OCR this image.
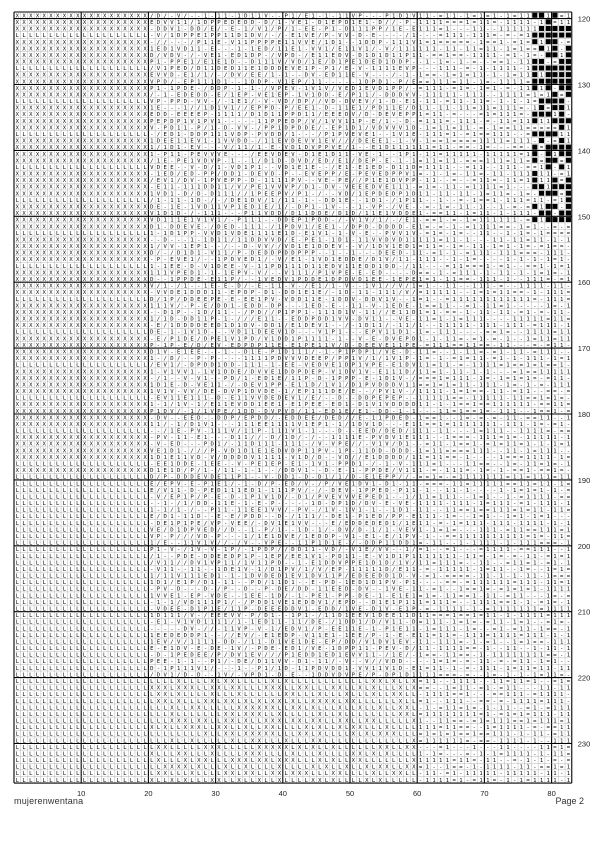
X X X X X X X X X X X X X X X X X X X X / D / - V / - - 1 - 1 1 - 1 D 1 1 V - - P 1 / E 1 - 1 - 1 1 V P - - - P 1 D 1 V 1 1 - = 1 1 - 1 = 1 = 1 - 1 = 1 1	1 = 1
X X X X X X X X X X X X X X X X X X X X E D V V 1 1 / 1 D P P E D E D D - D / 1 - V E 1 - D 1 E P D 1 E 1 - D / / - P - 1 1 1 1 = = = 1 = 1 1 = - 1 1 1 1 - 1 = 1 1
X X X X X X X X X X X X X X X X X X X X - D D V 1 - D D / E / - E - 1 / V 1 / P / 1 - E E - P 1 - D 1 1 1 P P / 1 E - E 1 1 1 = 1 - - - 1 1 - - 1 1 1 1 1 1
L L L L L L L L L L L L L L L L L L L L - V / 1 D P P E 1 P P 1 1 D 1 D V / - / - E 1 V E / P - V V - D - E - - - - / 1 - - - = 1 1 1 - 1 1 1 = - = - = 1
X X X X X X X X X X X X X X X X X X X X - / / - - - / P 1 1 E - V 1 1 P P P P E 1 1 V V E / 1 D 1 - - 1 D D P - 1 1 1 V 1 = 1 = = = = = - 1 = = 1 - = 1 = 1	- =
X X X X X X X X X X X X X X X X X X X X 1 E D 1 V D 1 1 - E - - - 1 - 1 E D / 1 1 E 1 - V V 1 / E 1 1 V 1 / - V / 1 1 1 1 1 1 - 1 1 - 1 1 = 1 1 - 1 = 1 = = 1 -
X X X X X X X X X X X X X X X X X X X X D / V D V - / - V E 1 - E D 1 D P - / V P D - / E 1 1 E D V - D 1 D 1 D 1 1 P 1 1 - = = 1 = = - 1 1 1 1 - = 1 - 1 = -	1
X X X X X X X X X X X X X X X X X X X X P 1 - P P E 1 / E 1 E 1 D - - D 1 1 1 V / V D / 1 E / D 1 P E 1 D E D 1 D D P - - 1 - 1 = - 1 - = - - = = 1 - 1 1	- =
L L L L L L L L L L L L L L L L L L L L / V 1 P E D / D 1 1 D E D 1 1 E 1 D D D E V E 1 P - P 1 / E - V - 1 1 1 1 E V P - - - 1 1 1 - = - 1 - 1 1 1 1 - 1
X X X X X X X X X X X X X X X X X X X X E V V D - E 1 / 1 / - / D V / E E / 1 - 1 - - D V - E D 1 1 E - V - - - / - 1 - 1 = = - 1 = 1 = 1 1 - 1 - 1 = 1 1 1
X X X X X X X X X X X X X X X X X X X X V P D / - E P 1 1 1 D 1 - - 1 D D P - V 1 E P / 1 1 - - - - - 1 D P D 1 - P / E = = 1 1 1 = 1 1 - 1 = - 1 1 1 1 =
X X X X X X X X X X X X X X X X X X X X P 1 - 1 P D E - / D D P - 1 - 1 - / V P E V - 1 V 1 V / V E D 1 E V D 1 P P / - = 1 1 1 - = 1 = - 1 = 1 - = - 1 1 1 -
X X X X X X X X X X X X X X X X X X X X / - 1 - E D E D D - E / 1 E P - V E 1 E P - 1 V 1 D D - E / P 1 1 / - D D D V V - 1 1 1 1 1 - 1 1 1 - - 1 1 1 1 = 1 = 1 =
L L L L L L L L L L L L L L L L L L L L V P - P P D - V V - / - 1 E 1 / - V - V D / D P / / V D - D V E V / 1 - D - E 1 - 1 1 - = 1 1 - 1 1 = - 1 - 1 - 1 =	-
X X X X X X X X X X X X X X X X X X X X 1 E - - - 1 / / 1 D 1 V 1 / / E P P D - P / E E 1 - D - 1 1 E 1 / P D 1 1 E / D 1 1 - 1 1 - 1 1 = 1 1 = 1 1 1 = - 1 =	1
X X X X X X X X X X X X X X X X X X X X E D D - E E E E P - 1 1 1 1 / D 1 D 1 1 P P D 1 1 / E E E D V / D - D E V E P P 1 = 1 1 - = - - - = 1 = 1 1 1 = -	1 -
X X X X X X X X X X X X X X X X X X X X P E P D P 1 V 1 P V 1 - - - - - 1 1 P P E D P / V / 1 V V 1 1 P - E / 1 - - D - = 1 1 1 = - 1 1 1 - = - 1 1 = 1 1 1 1
X X X X X X X X X X X X X X X X X X X X V - P D 1 1 - P / 1 - D - V V - / P P 1 D P D D E / - E P 1 D 1 / V D V V V 1 D - 1 = 1 1 = 1 1 - = - 1 = = 1 1 = = = = = 1
L L L L L L L L L L L L L L L L L L L L - / E D 1 - D D P 1 1 1 V D P - P V D D / 1 - - - / P 1 P V E V E 1 - - 1 V 1 E - 1 1 1 = 1 - = 1 = = 1 1 1 - - =	1 1
X X X X X X X X X X X X X X X X X X X X 1 D E E 1 1 E V 1 - 1 V V D D - / 1 1 E V D E V V 1 E V / / / D E E E 1 - 1 - V - 1 = = 1 = = = = 1 1 1 1 = 1 1 1 - - = 1
X X X X X X X X X X X X X X X X X X X X 1 / 1 D 1 - E V - - - V / 1 1 / 1 - E - V D 1 D V P P V E / 1 - - E 1 D 1 1 1 1 1 1 = 1 1 - = = - 1 = - - - = = - =
X X X X X X X X X X X X X X X X X X X X 1 - P 1 1 - P E V V V E - - - / E E V D E V - D 1 E 1 D 1 1 - V E - 1 - - 1 P 1 - 1 1 = 1 1 1 1 1 - 1 1 1 1 1 = 1 - 1
X X X X X X X X X X X X X X X X X X X X / 1 E - P E 1 V D V P - 1 - - 1 / D 1 D - D V D / E D / E 1 / D E P - E - 1 - 1 = 1 1 = 1 1 - = = = 1 1 1 = 1 1 = =	=
L L L L L L L L L L L L L L L L L L L L V D E E - - V - D / 1 - V D 1 P 1 - - V D 1 E 1 E - - / E 1 - E 1 E D - D 1 1 D = 1 1 1 1 - - = 1 1 - - 1 1 1 - = = 1 - 1
X X X X X X X X X X X X X X X X X X X X - 1 E D / E D - P P / D D 1 - D E V D - P - - E V E P P / E - P E V E D P P V 1 = - 1 - 1 = - 1 1 = - 1 1 - 1 1 1 1 1 - = 1
X X X X X X X X X X X X X X X X X X X X / E V 1 / D V - 1 P V E P P - D - 1 1 1 1 P V - - V E - P E / / P 1 E 1 D V P P - 1 1 - - = - - = 1 1 = - 1 1 = 1 1 1 =
X X X X X X X X X X X X X X X X X X X X - E 1 1 - 1 1 1 D D 1 1 / V / P E 1 V V V P / D 1 - D V - V E E E D V E 1 1 1 - = 1 = - 1 1 - = 1 1 1 1 = 1 - - -	1
X X X X X X X X X X X X X X X X X X X X 1 V D 1 - D / D - D 1 1 1 / / 1 P E E P V / P 1 - / - - V D / 1 E P D E D P 1 D 1 1 - 1 1 - 1 1 - 1 = 1 1 = - 1 = -	=
L L L L L L L L L L L L L L L L L L L L / 1 - 1 1 - 1 D - / - / D E 1 D V / 1 / 1 1 - 1 - - D D 1 E - - 1 D 1 - / 1 P 1 1 - - 1 - - = - 1 = = 1 - 1 1 1 = 1 1 - = 1
X X X X X X X X X X X X X X X X X X X X D E - 1 E - 1 V D 1 1 V P 1 E D 1 E / 1 / - D P 1 - 1 V - - - 1 - V P - / V E - - = - 1 = - 1 1 - 1 - - 1 - = - = 1	-
X X X X X X X X X X X X X X X X X X X X V 1 D 1 D - / - 1 1 1 - - - P 1 1 V D D / D 1 1 D D E / D 1 D / 1 1 E 1 V D D E 1 - = = 1 1 - 1 = 1 1 - 1 - 1 1 1 -	-
X X X X X X X X X X X X X X X X X X X X V D 1 1 1 E 1 V 1 V 1 / - P 1 1 1 - - D D E P 1 P D D - / - V 1 V / 1 / - / E 1 - = = 1 - = - 1 = 1 1 1 1 1 1 - = 1
X X X X X X X X X X X X X X X X X X X X D 1 - D D E V E - / D E D - 1 1 1 - / 1 P D V 1 / E E 1 - / D P D - D D D D - E 1 = - = - 1 - = 1 1 1 1 = = - 1 = 1 - - = - =
L L L L L L L L L L L L L L L L L L L L 1 - 1 D 1 P P - V V D 1 V D E 1 1 1 1 E 1 D - E 1 V 1 - 1 - V - E - - P V V 1 V - = 1 = - 1 = - - 1 1 - - 1 - 1 = - 1 = = = =
X X X X X X X X X X X X X X X X X X X X - - D - - - 1 - 1 D 1 1 / 1 1 D D V V D / E - P E 1 - 1 D 1 - 1 1 V V D V D 1 1 1 1 1 = 1 1 - 1 - - - 1 1 - 1 1 = 1 1 - 1 - 1
X X X X X X X X X X X X X X X X X X X X 1 / V V - 1 E P 1 - - / - - D - V V / / V D 1 E 1 D D E V - - V / 1 D V 1 E D 1 = 1 1 = - 1 = - 1 1 - 1 = 1 - 1 = - = 1 = = -
X X X X X X X X X X X X X X X X X X X X D / - / D 1 D 1 - V 1 1 / P - D E D D P D D P P P - - 1 - - 1 - - - D E E D - 1 1 - = 1 - 1 - = 1 1 1 - 1 1 1 = = = - 1 1 1 -
X X X X X X X X X X X X X X X X X X X X - P - E V E 1 / - - 1 P D V E D 1 / - V / E 1 - 1 V D 1 E D D E / D 1 V / 1 1 - 1 1 1 - - 1 - 1 = - - - - 1 - 1 - 1 - 1 = 1 -
L L L L L L L L L L L L L L L L L L L L 1 - 1 E E - D - V 1 D E E - V - 1 1 P D 1 1 1 D 1 1 E D V 1 1 E D D 1 D D - / 1 1 - - - = 1 1 = = = 1 - = 1 - - = = 1 - 1 = 1
X X X X X X X X X X X X X X X X X X X X 1 1 1 V P E D 1 - 1 - 1 E P V - V / - - V 1 1 1 / P 1 V P E - E - E D - - - - D = = - 1 - = 1 1 1 - 1 - 1 1 - 1 - 1 = 1 = - 1
X X X X X X X X X X X X X X X X X X X X D - - 1 P P D E - E 1 1 P / - - 1 V E D V 1 P D D E 1 D P D V D 1 E E - 1 E P E 1 = 1 - 1 1 = = - 1 1 1 - 1 - - 1 1 1 = - = 1
X X X X X X X X X X X X X X X X X X X X V / 1 - / 1 - - 1 E - E - D / - E - 1 1 - V - / E 1 / 1 - V - - 1 V 1 / / V / 1 = 1 - - 1 1 - - 1 1 1 - = - - 1 1 1 1 - 1 1 -
X X X X X X X X X X X X X X X X X X X X - V V D E 1 D D D 1 1 - E P D P - D 1 - D D 1 E 1 E / - 1 D - 1 1 - 1 1 1 / V / = 1 1 1 1 1 - - 1 = 1 = 1 1 = = - 1 - 1 1 1 =
L L L L L L L L L L L L L L L L L L L L D / 1 P / D D E E P E - E - E E 1 P V - V D D 1 1 E - 1 D D V - D D V 1 V - - 1 = 1 - - = 1 1 1 1 1 1 1 1 1 1 1 1 = - 1 1 1 =
X X X X X X X X X X X X X X X X X X X X 1 1 1 V / - P - E / D D 1 - E D D - D P - - - 1 E D - E - - 1 1 - V - 1 E D E - 1 = = 1 1 - - = 1 - 1 1 = 1 - - - - - 1 = - 1
X X X X X X X X X X X X X X X X X X X X - - D 1 P - - 1 D / 1 1 - - / P D / / P 1 P P 1 - 1 1 1 D 1 V - 1 1 / / E 1 1 D 1 = 1 - = = - 1 - 1 1 - 1 1 - = 1 - = - 1 1 -
X X X X X X X X X X X X X X X X X X X X 1 / 1 D - D D 1 1 P - 1 - / / / E 1 1 - - E D D P D D 1 V V - D V 1 1 - - V E - 1 1 = 1 - 1 = 1 1 1 - - - - 1 1 1 1 1 = 1 1 =
X X X X X X X X X X X X X X X X X X X X - E / 1 D D D D E E D 1 D 1 D V - D D 1 / E 1 D E V 1 - - / - 1 D 1 1 / - 1 1 / 1 - - 1 1 1 1 1 - 1 1 1 - 1 1 1 - = 1 1 1 - 1
L L L L L L L L L L L L L L L L L L L L D E - 1 - 1 V 1 D - - - V D 1 1 D E E V 1 D - - - V 1 P 1 - - - E P V 1 1 D 1 - 1 = - 1 1 1 - - - - = = 1 = - - 1 1 1 1 = 1 1
X X X X X X X X X X X X X X X X X X X X - E / P 1 D E / D P E 1 V 1 P D / V 1 D D 1 P 1 1 1 1 - 1 - - V - E - D V E P D 1 - 1 - 1 1 = - = 1 - = - 1 - - 1 = 1 1 = 1 1
X X X X X X X X X X X X X X X X X X X X P - 1 P - E / D / E V - E D P D P 1 1 E - E 1 P E 1 1 V / D - D E E V E 1 1 P E - = 1 1 1 = = 1 1 = = - 1 1 - - - = - = 1 1 -
X X X X X X X X X X X X X X X X X X X X D 1 V - E 1 E E - - - 1 - - D 1 E - P 1 D 1 1 1 / - 1 - P 1 P D P 1 / V E - D - 1 1 = - - 1 - 1 1 = - = 1 - 1 1 - = 1 1 1 - -
X X X X X X X X X X X X X X X X X X X X 1 - / D / - - P - P - - - - 1 1 1 1 P D V V V D E E P / P P 1 V / 1 / 1 V 1 P - 1 = - 1 - = 1 = 1 1 - = 1 - 1 - 1 1 1 - 1 = 1
L L L L L L L L L L L L L L L L L L L L / E V 1 / - D P D D 1 D D - 1 1 1 - 1 - E E - V E D V E 1 D P 1 V P E - E 1 D V 1 1 = 1 1 - = - 1 1 1 1 = 1 = = 1 = 1 = = 1 -
X X X X X X X X X X X X X X X X X X X X 1 - V 1 V V 1 - 1 V 1 D D E / D V V E 1 D D P D E P - V 1 D V 1 V - E 1 1 1 D / 1 1 = 1 - 1 1 - 1 - 1 - - - = 1 = = 1 1 1 1 1
X X X X X X X X X X X X X X X X X X X X - / 1 - - V - V 1 - - P D / 1 - E D 1 E / 1 1 P - D - 1 P P P - E - 1 D 1 V - / = = = 1 = 1 1 1 - 1 = - 1 = 1 = 1 = - = 1 1 -
X X X X X X X X X X X X X X X X X X X X 1 D 1 E - D - V E 1 1 - / - D E V 1 P P - E 1 1 D / 1 V 1 / D 1 P V D D D V 1 1 = = 1 = 1 = 1 1 - 1 1 1 - 1 = - 1 - = - 1 1 1
X X X X X X X X X X X X X X X X X X X X 1 V 1 V - V V / D E - D V P 1 D V D E - 1 / E P 1 1 1 D E / E - - / P V 1 V - / 1 1 1 1 - 1 = 1 = = - 1 1 - = 1 1 - - = = - =
L L L L L L L L L L L L L L L L L L L L - E V 1 1 E 1 1 1 - D - E 1 1 V V D E D E V 1 / E / - - D - - D D P E P E P - - 1 1 1 1 1 = = - 1 1 1 1 1 - 1 1 = = 1 = 1 = -
X X X X X X X X X X X X X X X X X X X X 1 - 1 / 1 V - 1 / E 1 1 E V D D 1 E E 1 - E 1 P E E - E D 1 - D 1 V 1 V D D D D 1 1 - 1 - 1 = = 1 = = 1 1 1 1 1 1 - = = 1 1 =
X X X X X X X X X X X X X X X X X X X X P 1 D V / - 1 / 1 V P E / 1 D D - D V P V D / 1 1 - E D 1 E / E 1 - D D - 1 - 1 - - - 1 1 = 1 = = 1 = - 1 1 1 - - 1 = = 1 - =
X X X X X X X X X X X X X X X X X X X X - D V - - E E D - - D D P / E P D D / - E D D E E / D E D / / E - 1 1 P D E D - 1 = = 1 - - 1 = - = - = - 1 1 - = = 1 1 - - 1
X X X X X X X X X X X X X X X X X X X X 1 1 / - 1 / D 1 V 1 - - - 1 1 1 E E 1 1 1 1 V 1 E P 1 - 1 / 1 D V 1 D - - - E 1 1 = = 1 = 1 1 1 1 1 1 1 - 1 1 1 - 1 = - = 1 -
L L L L L L L L L L L L L L L L L L L L - - / 1 E - P V - 1 1 1 V / 1 1 P - 1 1 1 V 1 - 1 - - - D - - E E D / D E D / 1 1 1 - 1 1 - - - 1 = 1 1 1 - - 1 1 1 1 = - = =
X X X X X X X X X X X X X X X X X X X X - P V - 1 1 - E 1 - - - D 1 1 / / - D / 1 D / - / - - 1 1 1 1 E - P V D V 1 E 1 1 1 - - 1 = = = - 1 1 1 = 1 = - 1 1 1 1 1 - 1
X X X X X X X X X X X X X X X X X X X X - V - E D - - - P D 1 / - 1 1 D 1 1 1 - 1 1 1 - / V - V P E / / - V 1 V / D 1 - - = 1 1 - 1 = = 1 - = 1 = 1 1 = 1 - 1 - 1 = 1
X X X X X X X X X X X X X X X X X X X X V E 1 D 1 - / / / P - V D 1 D 1 E 1 E D V D P 1 1 P V - 1 P - 1 1 D D - D D D - 1 = 1 1 = = = = 1 1 1 - - 1 1 - 1 = 1 1 1 - -
X X X X X X X X X X X X X X X X X X X X 1 D 1 E 1 1 V D - V / D D D D V 1 1 1 1 - V 1 D / D - - V D / / E 1 D D D D / 1 1 = 1 1 = = - 1 - - - - 1 = = = 1 1 1 1 - 1 =
L L L L L L L L L L L L L L L L L L L L - E E 1 D D E - 1 E E - - V - P E 1 E P - E 1 - 1 V 1 - P P D 1 - / - 1 - V - 1 1 1 = 1 - - - 1 1 = = - - 1 = - 1 1 = 1 = - 1
X X X X X X X X X X X X X X X X X X X X D 1 E 1 D / P / 1 - / 1 1 - 1 - 1 - - / D D V 1 - - D - E - 1 - P P D E / V 1 1 1 - = - 1 1 1 = - 1 = - 1 - = = 1 - = = 1 = -
L L L L L L L L L L L L L L L L L L L L D / P - D D D E V D E 1 1 P 1 - - V - D D 1 - D - D 1 / 1 / D - E 1 E P P / / - = = 1 = - = 1 1 1 1 1 1 1 = 1 1 = 1 1 1 = 1 1
L L L L L L L L L L L L L L L L L L L L E / E P V - E - P 1 E 1 / - 1 - D / P - E D / V - / P / V E 1 D V 1 - D 1 - 1 1 - = = = - 1 1 = 1 1 1 1 1 = = 1 1 = 1 1 - 1 =
L L L L L L L L L L L L L L L L L L L L E / V 1 1 - D - P E D 1 1 1 E D 1 - 1 1 1 P V / - / - D E V - 1 P P E D - P 1 1 - 1 - - 1 1 - 1 - - - - 1 - 1 = 1 = 1 - 1 - =
L L L L L L L L L L L L L L L L L L L L - V / E P 1 P / P - E - D - 1 P 1 V 1 D / - D 1 / P V E V V V E P E D 1 - - 1 / 1 1 = 1 1 1 - - 1 = 1 - - 1 - = 1 1 1 1 - = =
L L L L L L L L L L L L L L L L L L L L - - 1 - / 1 / D D - 1 1 E - 1 - E - P - - - - - 1 D - D P 1 D / D V - E - V E - 1 1 1 1 - 1 1 1 - 1 = 1 1 1 - = 1 - 1 1 1 - 1
L L L L L L L L L L L L L L L L L L L L 1 - 1 / 1 - / - - P 1 1 - 1 1 E E 1 V V / - P V - / 1 V - 1 V 1 - 1 - - 1 D 1 - 1 1 - - 1 1 = = 1 = = 1 1 1 = 1 = 1 1 - 1 1 =
L L L L L L L L L L L L L L L L L L L L E / D 1 - 1 1 D - - E - E / P D D - - D - / 1 1 1 / - D E 1 - P 1 E D / P P - E 1 1 1 - 1 = - - 1 = 1 - - 1 = 1 - 1 = 1 - - -
L L L L L L L L L L L L L L L L L L L L - D E 1 P 1 P E / V P - V E E / - D V 1 E 1 V V - - - E / E D D E D E D 1 / 1 E 1 1 - = - 1 = 1 1 1 - 1 1 1 - 1 1 1 1 - 1 - 1
L L L L L L L L L L L L L L L L L L L L V E / D 1 D P V E D / / D - - 1 - P / 1 - - 1 D - 1 / - D V / D - 1 / 1 - V E V 1 - 1 = 1 = - - - 1 1 1 - = 1 1 = = 1 1 1 = 1
L L L L L L L L L L L L L L L L L L L L V P - P / / / V D - P - - - 1 / 1 E 1 D V E / 1 E D D P - V 1 - E 1 - E / 1 P V - 1 - - = = 1 1 1 1 1 1 1 1 1 1 = 1 = - 1 1 =
L L L L L L L L L L L L L L L L L L L L 1 / E - - 1 1 V 1 V / / - / V - - V P E - - 1 1 P 1 D 1 E - / - D D P 1 1 D D 1 = - 1 1 - - 1 - 1 1 1 1 - 1 - 1 1 1 = = = - 1
L L L L L L L L L L L L L L L L L L L L P 1 - V - / 1 V - V - 1 P / - 1 P D P / / D D 1 1 - V D / - V 1 E / V V - - 1 / = 1 - - = 1 - - - = 1 1 1 1 - = = 1 1 1 - - 1
L L L L L L L L L L L L L L L L L L L L / 1 - - P D E - D D E E D P 1 P - 1 E P / E E 1 V 1 - P D 1 1 - E - V 1 D 1 P 1 1 1 1 1 1 1 - 1 1 = - 1 = - = - 1 1 - = 1 = 1
L L L L L L L L L L L L L L L L L L L L / V 1 1 / / D V 1 V P 1 1 / 1 V 1 1 P D - - 1 - E 1 D D V P P E 1 D 1 D / 1 V / 1 1 = 1 1 1 = - - 1 1 - - = 1 1 = 1 - = 1 - 1
L L L L L L L L L L L L L L L L L L L L - V 1 1 - - 1 1 - - 1 D E 1 V - 1 / D 1 P V / 1 / V / E P - 1 1 1 1 1 D / E 1 1 - = - 1 1 1 1 1 - 1 = 1 1 - - 1 = - - 1 = 1 =
L L L L L L L L L L L L L L L L L L L L 1 / 1 1 V 1 1 1 E D 1 - 1 - 1 D V D E D 1 E V 1 D V 1 1 P / E D E E D D 1 D - V - = 1 - = = = = - 1 1 - 1 - 1 - 1 1 - 1 = = =
L L L L L L L L L L L L L L L L L L L L 1 D 1 / E 1 P / D 1 - 1 1 - - P D / 1 1 D 1 - - E - P D - 1 E D 1 D 1 P V - P 1 - - - - = = - = 1 1 1 1 1 1 = 1 1 1 - 1 1 = 1
L L L L L L L L L L L L L L L L L L L L - P V - D - - - D - / P - - D - - P - D E / D D - 1 1 E E D - D V - - 1 V E - 1 1 - = 1 - - 1 = = 1 = - = 1 = 1 = 1 - 1 1 1 1
L L L L L L L L L L L L L L L L L L L L 1 V V E 1 - E P - V D E - - 1 E E - 1 D / - 1 - P E 1 - P P - D E - 1 - E 1 E 1 = 1 = - 1 1 = = 1 - 1 1 - = 1 1 - - - 1 = - =
L L L L L L L L L L L L L L L L L L L L - 1 - 1 / V D 1 1 1 P 1 / - / P D D 1 V E 1 E D D V 1 / E P D - - D 1 E 1 P 1 1 1 = 1 1 1 = - - 1 1 1 1 = = 1 - 1 - = 1 = - 1
L L L L L L L L L L L L L L L L L L L L - V D E E - D 1 P 1 E / 1 1 P - D E E E D D V 1 - E D D / 1 V E - D 1 V - E 1 P - = - 1 1 1 1 - 1 - = 1 1 1 1 1 1 1 = 1 1 1 1
L L L L L L L L L L L L L L L L L L L L 1 D 1 1 1 / V - / E E E V V - P / D 1 - - 1 P 1 - / 1 1 D 1 E E V 1 D E E 1 1 D 1 1 = = = 1 = = 1 = 1 1 - 1 - 1 1 1 1 = 1 1 1
L L L L L L L L L L L L L L L L L L L L - E 1 - V 1 V D 1 1 1 1 / 1 - 1 E D 1 1 - 1 1 / D E - / 1 D D 1 / D / V 1 1 - D = 1 1 1 - 1 = 1 = - = 1 1 - 1 = 1 - - = 1 = -
L L L L L L L L L L L L L L L L L L L L - - - - - D V - / / - 1 1 V P - V - 1 / E D V 1 / P - E E 1 1 E - 1 - P 1 E 1 1 - 1 = 1 1 1 - 1 = - - = 1 - = 1 1 - 1 = = - 1
L L L L L L L L L L L L L L L L L L L L 1 E E D E D D P 1 - - / / E V / - E 1 E D P - V 1 1 E 1 - 1 E E / P - 1 - E - E 1 1 = 1 1 = - 1 1 1 = 1 1 1 1 = 1 1 1 - 1 - 1
L L L L L L L L L L L L L L L L L L L L 1 E V / V / 1 1 1 1 - D D - / 1 1 - D 1 V E 1 D E - E P / D D / V 1 D V 1 E V - 1 1 - 1 1 1 = - 1 - = 1 - - 1 = 1 = = - 1 1 1
L L L L L L L L L L L L L L L L L L L L E - E 1 D V - E - D E - 1 V / - P D E - E D 1 / V E - 1 D P P 1 1 - P E V - D / 1 1 - 1 1 1 1 = = - 1 - - 1 1 - - 1 - 1 1 - 1
L L L L L L L L L L L L L L L L L L L L - D - 1 P E D E E / P / D V 1 E V / / / P 1 E D D 1 E D 1 E V V 1 1 - / 1 E / - 1 = = - 1 1 = = - 1 - 1 1 1 1 1 1 1 1 = = - 1
L L L L L L L L L L L L L L L L L L L L P E E - 1 - 1 - - P 1 / - D E / D 1 1 V V - D 1 - 1 1 / - V - - V / / V D D - - - - 1 = 1 = - = - 1 1 - = - = 1 1 - 1 = 1 - -
L L L L L L L L L L L L L L L L L L L L D - 1 P 1 1 1 V 1 / - - - 1 - - P 1 / 1 D - 1 1 P D V D D 1 - V V 1 1 V 1 D - E 1 = 1 1 - 1 - = - 1 1 1 - 1 = 1 1 = 1 1 - 1 1
L L L L L L L L L L L L L L L L L L L L / D V 1 / D - D - - 1 V / - V P D 1 - D - E - - 1 D D V D V P E / P - D P 1 D 1 1 1 1 = = = - = - - 1 = - 1 - 1 - 1 = 1 1 = -
L L L L L L L L L L L L L L L L L L L L L L L L X L L L L X L X X L L L L L X L X L L L L L L L L L L L L X X L X L L X = 1 1 - - 1 1 1 1 - - 1 1 = 1 1 = 1 - - = 1 =
L L L L L L L L L L L L L L L L L L L L X X X L X X X L L X X L X X L L L X X X L L X X L L L X X L L X L X L L L X L X = = - - 1 = 1 1 - = 1 - = 1 1 - - - 1 1 - 1 1
L L L L L L L L L L L L L L L L L L L L L X X L X L L L L X L L L X L L L L L L X X L L L X L L L X L L L X L L X X L L - 1 1 1 1 = = 1 - - - = = 1 1 1 - = 1 1 1 1 -
L L L L L L L L L L L L L L L L L L L L L X X L X L L L X X L X X L X L X L X X L X L L X X X X L X X L L L L L L X L L = 1 - - 1 1 1 - - = = - = - 1 1 1 1 = 1 1 1 -
L L L L L L L L L L L L L L L L L L L L L L L X L L X X L L L L L X X X X X X L L X X L X L L L X L L X L L X L L X X L - 1 - = 1 1 = 1 = - 1 - 1 1 - - = 1 - = 1 1 1
L L L L L L L L L L L L L L L L L L L L L L L X L L L L L L L X X L X X X L L X L L L L L X L L X L L L L L L L L X X L = 1 1 1 1 1 1 1 1 = 1 - = 1 = 1 = 1 1 1 - 1 1
L L L L L L L L L L L L L L L L L L L L L L L X X X L X X L L X X L X L L X X X L X X L X X L L X X L L X X L L L L L X 1 - - 1 1 = = - = 1 = 1 1 1 = = 1 = 1 1 1 = 1
L L L L L L L L L L L L L L L L L L L L X L X L L X X X L L X X L L X L L X X L L L L X L X L L X L X X L L L X L L L L 1 1 1 = 1 1 = = - - 1 = 1 1 1 1 - = - = = 1 1
L L L L L L L L L L L L L L L L L L L L L L L L L L L L X L L X X L X X X X X L L L X X L X L L L L X L X L X X X L L L = 1 = 1 = 1 = = 1 = = 1 1 1 - 1 - 1 1 - = 1 1
L L L L L L L L L L L L L L L L L L L L L L L X L L X L L L L L X L L X X L L L X L L L X X L L L L L L L L L L L L L X = 1 1 1 1 1 1 = - = = - 1 1 1 1 - 1 - - 1 1 1
L L L L L L L L L L L L L L L L L L L L L X X L L L L L X X X L L L L L X X X X X L X L X L L X L L L L L L X X L L X X - - - = 1 - - - 1 - - - 1 1 - - - - 1 1 = 1 =
L L L L L L L L L L L L L L L L L L L L X L L L X X L L L X L L L L X X X L L L L X L L L X L L L L X X L X L X L L L L 1 - 1 = - - - = - 1 - 1 = 1 1 1 1 - 1 - 1 1 =
L L L L L L L L L L L L L L L L L L L L L X L L L X L X X L L L X X X L X X L X X X L L L X L X L L X X L L L L L L L X 1 1 1 1 1 = 1 1 = - 1 1 - - = - 1 - 1 - = - =
L L L L L L L L L L L L L L L L L L L L L L X X X X L X L L L X L L X L L L L X L L L L X L X L L X L L X L X X L L X X = 1 - - 1 = = - 1 - 1 1 1 1 - 1 1 - = = 1 = 1
L L L L L L L L L L L L L L L L L L L L L X X L L L X L L L L X X L X X L L X X L X X X L L L X X L L L L X L L X X L L - 1 1 - = 1 - 1 1 1 1 1 - 1 1 1 1 1 - 1 1 - 1
L L L L L L L L L L L L L L L L L L L L X L L X L X L L L X X L L X L L X L L X L L L L X X L X L L L L X L X L L L L L - 1 1 1 1 = 1 - = 1 1 = - 1 - 1 = 1 1 1 1 - 1
120
130
140
150
160
170
180
190
200
210
220
230
10	20	30	40	50	60	70	80
mujerenwentana	Page 2
